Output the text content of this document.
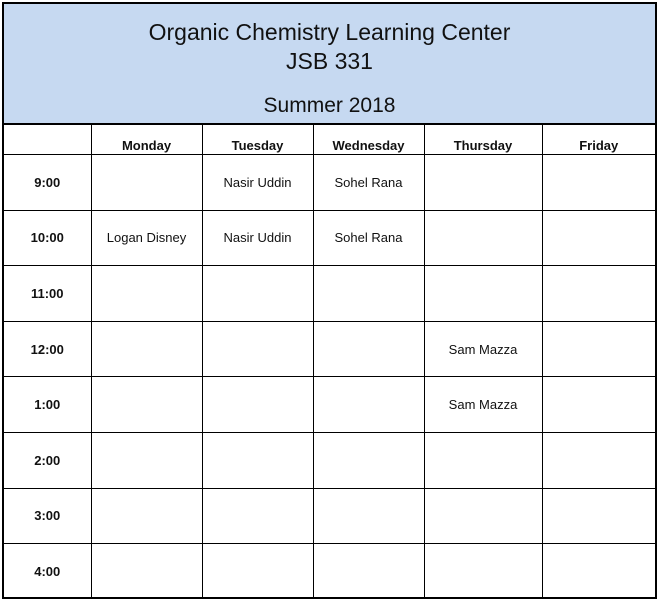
Organic Chemistry Learning Center
JSB 331
Summer 2018
	Monday	Tuesday	Wednesday	Thursday	Friday
9:00		Nasir Uddin	Sohel Rana		
10:00	Logan Disney	Nasir Uddin	Sohel Rana		
11:00					
12:00				Sam Mazza	
1:00				Sam Mazza	
2:00					
3:00					
4:00					
